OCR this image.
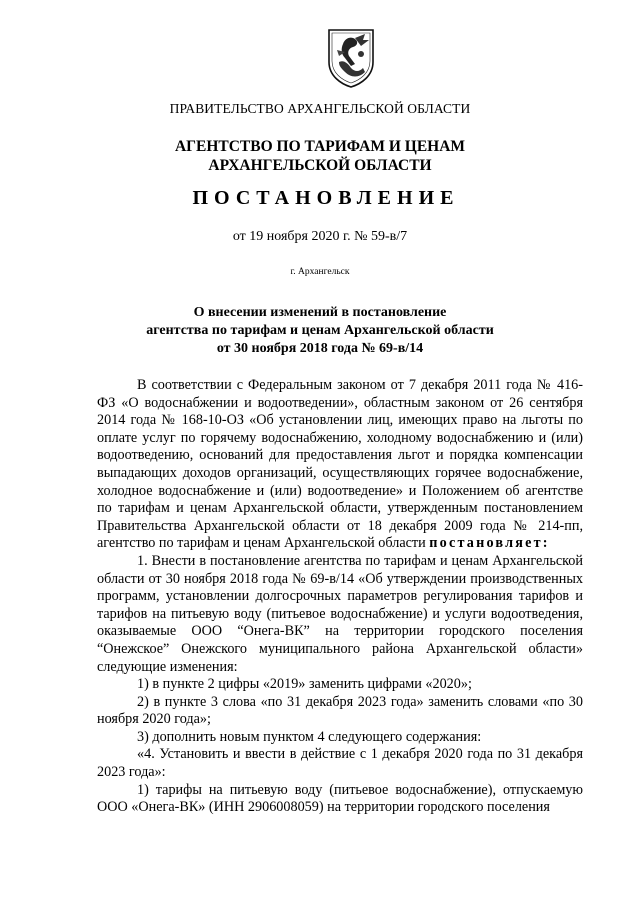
ПРАВИТЕЛЬСТВО АРХАНГЕЛЬСКОЙ ОБЛАСТИ
АГЕНТСТВО ПО ТАРИФАМ И ЦЕНАМ
АРХАНГЕЛЬСКОЙ ОБЛАСТИ
ПОСТАНОВЛЕНИЕ
от 19 ноября 2020 г. № 59-в/7
г. Архангельск
О внесении изменений в постановление
агентства по тарифам и ценам Архангельской области
от 30 ноября 2018 года № 69-в/14

В соответствии с Федеральным законом от 7 декабря 2011 года № 416-ФЗ «О водоснабжении и водоотведении», областным законом от 26 сентября 2014 года № 168-10-ОЗ «Об установлении лиц, имеющих право на льготы по оплате услуг по горячему водоснабжению, холодному водоснабжению и (или) водоотведению, оснований для предоставления льгот и порядка компенсации выпадающих доходов организаций, осуществляющих горячее водоснабжение, холодное водоснабжение и (или) водоотведение» и Положением об агентстве по тарифам и ценам Архангельской области, утвержденным постановлением Правительства Архангельской области от 18 декабря 2009 года № 214-пп, агентство по тарифам и ценам Архангельской области постановляет:

1. Внести в постановление агентства по тарифам и ценам Архангельской области от 30 ноября 2018 года № 69-в/14 «Об утверждении производственных программ, установлении долгосрочных параметров регулирования тарифов и тарифов на питьевую воду (питьевое водоснабжение) и услуги водоотведения, оказываемые ООО “Онега-ВК” на территории городского поселения “Онежское” Онежского муниципального района Архангельской области» следующие изменения:

1) в пункте 2 цифры «2019» заменить цифрами «2020»;

2) в пункте 3 слова «по 31 декабря 2023 года» заменить словами «по 30 ноября 2020 года»;

3) дополнить новым пунктом 4 следующего содержания:

«4. Установить и ввести в действие с 1 декабря 2020 года по 31 декабря 2023 года»:

1) тарифы на питьевую воду (питьевое водоснабжение), отпускаемую ООО «Онега-ВК» (ИНН 2906008059) на территории городского поселения
